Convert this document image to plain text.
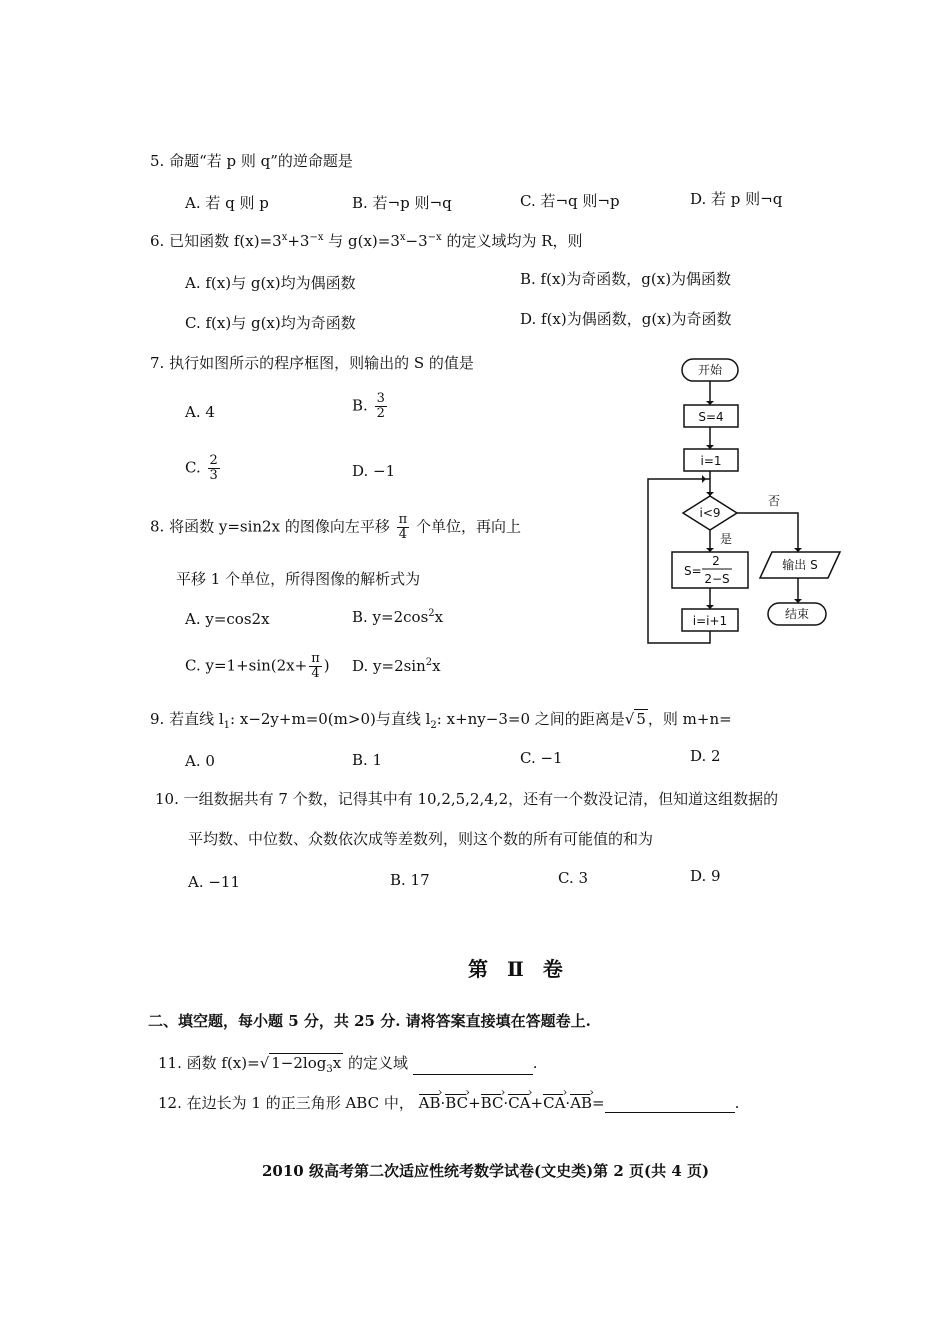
5. 命题“若 p 则 q”的逆命题是
A. 若 q 则 p	B. 若¬p 则¬q	C. 若¬q 则¬p	D. 若 p 则¬q
6. 已知函数 $f(x)=3^x+3^{-x}$ 与 $g(x)=3^x-3^{-x}$ 的定义域均为 R，则
A. f(x)与 g(x)均为偶函数	B. f(x)为奇函数，g(x)为偶函数
C. f(x)与 g(x)均为奇函数	D. f(x)为偶函数，g(x)为奇函数
7. 执行如图所示的程序框图，则输出的 S 的值是
A. 4	B. $\frac{3}{2}$
C. $\frac{2}{3}$	D. −1
8. 将函数 y=sin2x 的图像向左平移 $\frac{\pi}{4}$ 个单位，再向上
平移 1 个单位，所得图像的解析式为
A. y=cos2x	B. $y=2\cos^2x$
C. $y=1+\sin(2x+ \frac{\pi}{4}$ ) D. $y=2\sin^2x$
开始
S=4
i=1
i<9
是
否
S=
2
2−S
i=i+1
输出 S
结束
9. 若直线 $l_1$: x−2y+m=0(m>0)与直线 $l_2$: x+ny−3=0 之间的距离是√ 5 ，则 m+n=
A. 0	B. 1	C. −1	D. 2
10. 一组数据共有 7 个数，记得其中有 10,2,5,2,4,2，还有一个数没记清，但知道这组数据的
平均数、中位数、众数依次成等差数列，则这个数的所有可能值的和为
A. −11	B. 17	C. 3	D. 9
第 Ⅱ 卷
二、填空题，每小题 5 分，共 25 分. 请将答案直接填在答题卷上.
11. 函数 f(x)=√ $1-2\log_3x$ 的定义域	.
12. 在边长为 1 的正三角形 ABC 中， AB ›·BC ›+BC ›·CA ›+CA ›·AB ›=	.
2010 级高考第二次适应性统考数学试卷(文史类)第 2 页(共 4 页)
